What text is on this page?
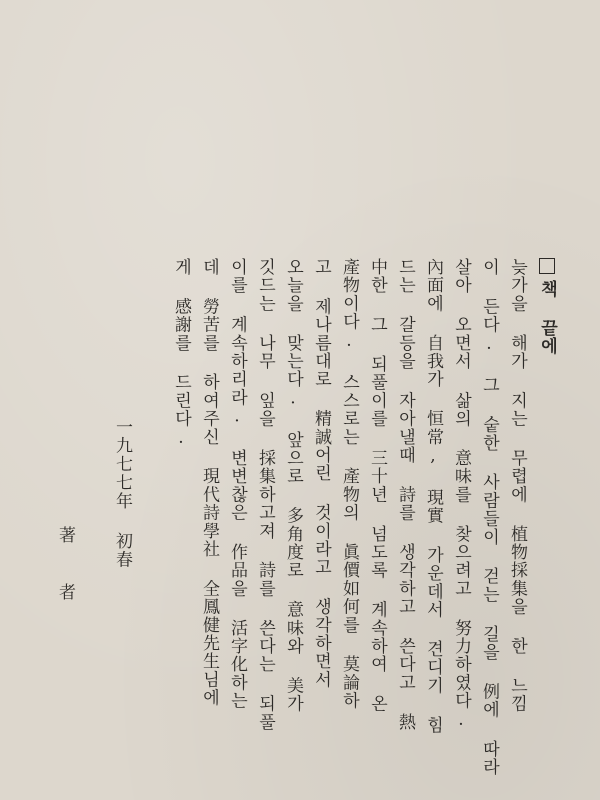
책 끝에
늦가을 해가 지는 무렵에 植物採集을 한 느낌
이 든다. 그 숱한 사람들이 걷는 길을 例에 따라
살아 오면서 삶의 意味를 찾으려고 努力하였다.
內面에 自我가 恒常, 現實 가운데서 견디기 힘
드는 갈등을 자아낼때 詩를 생각하고 쓴다고 熱
中한 그 되풀이를 三十년 넘도록 계속하여 온
產物이다. 스스로는 產物의 眞價如何를 莫論하
고 제나름대로 精誠어린 것이라고 생각하면서
오늘을 맞는다. 앞으로 多角度로 意味와 美가
깃드는 나무 잎을 採集하고져 詩를 쓴다는 되풀
이를 계속하리라. 변변찮은 作品을 活字化하는
데 勞苦를 하여주신 現代詩學社 全鳳健先生님에
게 感謝를 드린다.
一九七七年 初春
著者
